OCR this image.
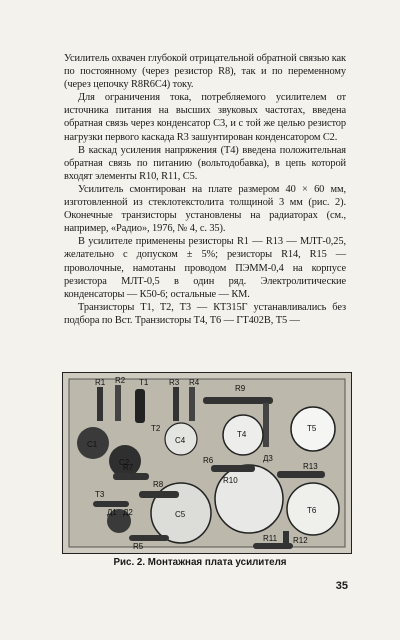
Усилитель охвачен глубокой отрицательной обратной связью как по постоянному (через резистор R8), так и по переменному (через цепочку R8R6C4) току.

Для ограничения тока, потребляемого усилителем от источника питания на высших звуковых частотах, введена обратная связь через конденсатор C3, и с той же целью резистор нагрузки первого каскада R3 зашунтирован конденсатором C2.

В каскад усиления напряжения (T4) введена положительная обратная связь по питанию (вольтодобавка), в цепь которой входят элементы R10, R11, C5.

Усилитель смонтирован на плате размером 40 × 60 мм, изготовленной из стеклотекстолита толщиной 3 мм (рис. 2). Оконечные транзисторы установлены на радиаторах (см., например, «Радио», 1976, № 4, с. 35).

В усилителе применены резисторы R1 — R13 — МЛТ-0,25, желательно с допуском ± 5%; резисторы R14, R15 — проволочные, намотаны проводом ПЭММ-0,4 на корпусе резистора МЛТ-0,5 в один ряд. Электролитические конденсаторы — К50-6; остальные — КМ.

Транзисторы T1, T2, T3 — КТ315Г устанавливались без подбора по Bст. Транзисторы T4, T6 — ГТ402В, T5 —

R1 R2 T1	R3 R4
R9
T2
T4
T5
C1	C4
R6	Д3
C2
R7	R13
T3
R8
Д1 Д2	C5
R10
T6
R5
R11 R12
Рис. 2. Монтажная плата усилителя
35
